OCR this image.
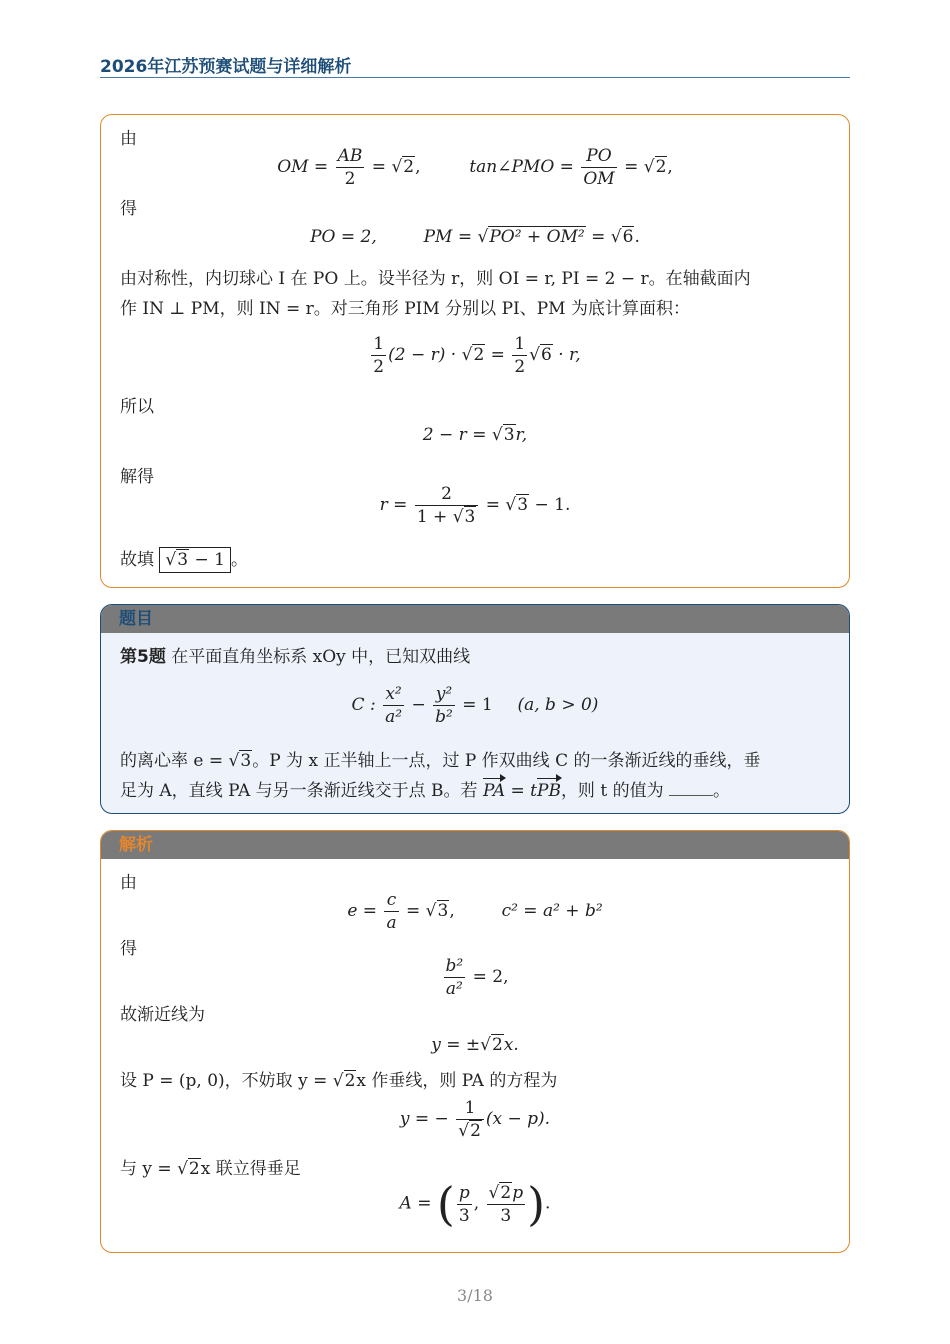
2026年江苏预赛试题与详细解析
由
OM = $\frac{AB}{2} = √2$,	tan∠PMO = $\frac{PO}{OM} = √2$,
得
PO = 2,	PM = √PO² + OM² = √6.
由对称性，内切球心 I 在 PO 上。设半径为 r，则 OI = r, PI = 2 − r。在轴截面内
作 IN ⊥ PM，则 IN = r。对三角形 PIM 分别以 PI、PM 为底计算面积：
$\frac{1}{2} (2 - r) \cdot √2 = \frac{1}{2} √6 \cdot r$,
所以
2 − r = √3r,
解得
$r = \frac{2}{1 + √3} = √3 - 1$.
故填 √3 − 1 。
题目
第5题 在平面直角坐标系 xOy 中，已知双曲线
C : $\frac{\text{x²}}{\text{a²}} - \frac{\text{y²}}{\text{b²}} = 1$ (a, b > 0)
的离心率 e = √3。P 为 x 正半轴上一点，过 P 作双曲线 C 的一条渐近线的垂线，垂
足为 A，直线 PA 与另一条渐近线交于点 B。若 PA = tPB，则 t 的值为	。
解析
由
$e = \frac{c}{a} = √3$,  c² = a² + b²
得
$\frac{\text{b²}}{\text{a²}} = 2$,
故渐近线为
y = ±√2x.
设 P = (p, 0)，不妨取 y = √2x 作垂线，则 PA 的方程为
y = − $\frac{1}{√2} (x - p)$.
与 y = √2x 联立得垂足
A = ( $\frac{p}{3}$ , $\frac{√2p}{3}$ ).
3/18
